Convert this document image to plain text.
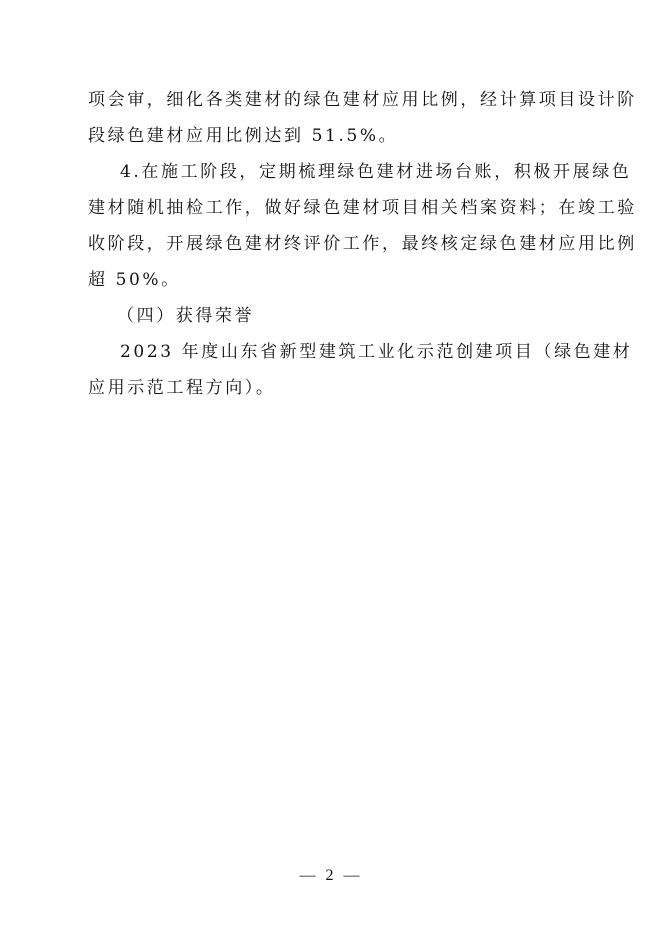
项会审，细化各类建材的绿色建材应用比例，经计算项目设计阶
段绿色建材应用比例达到 51.5%。
4.在施工阶段，定期梳理绿色建材进场台账，积极开展绿色
建材随机抽检工作，做好绿色建材项目相关档案资料；在竣工验
收阶段，开展绿色建材终评价工作，最终核定绿色建材应用比例
超 50%。
（四）获得荣誉
2023 年度山东省新型建筑工业化示范创建项目（绿色建材
应用示范工程方向）。
— 2 —
